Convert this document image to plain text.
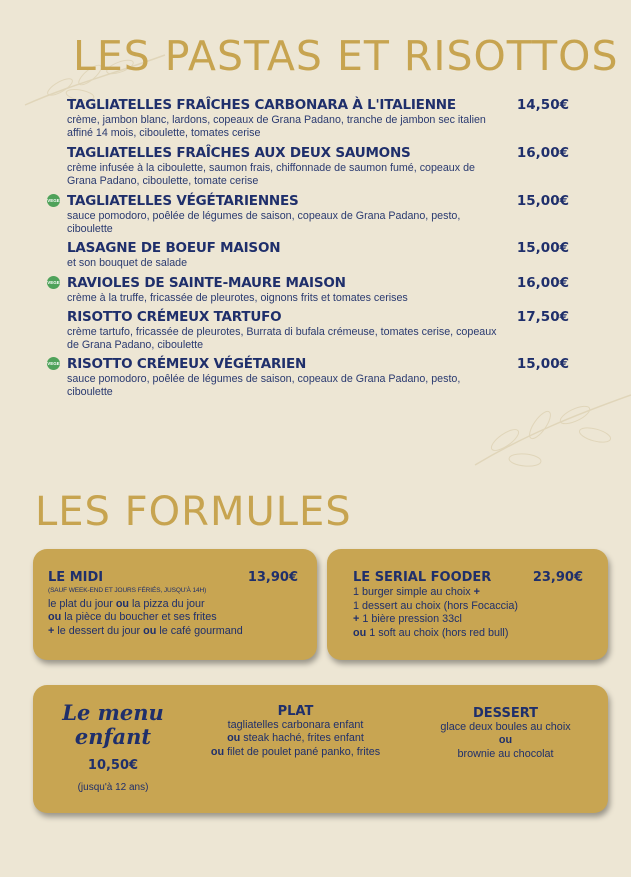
LES PASTAS ET RISOTTOS
TAGLIATELLES FRAÎCHES CARBONARA À L'ITALIENNE	14,50€
crème, jambon blanc, lardons, copeaux de Grana Padano, tranche de jambon sec italien affiné 14 mois, ciboulette, tomates cerise
TAGLIATELLES FRAÎCHES AUX DEUX SAUMONS	16,00€
crème infusée à la ciboulette, saumon frais, chiffonnade de saumon fumé, copeaux de Grana Padano, ciboulette, tomate cerise
VEGE TAGLIATELLES VÉGÉTARIENNES	15,00€
sauce pomodoro, poêlée de légumes de saison, copeaux de Grana Padano, pesto, ciboulette
LASAGNE DE BOEUF MAISON	15,00€
et son bouquet de salade
VEGE RAVIOLES DE SAINTE-MAURE MAISON	16,00€
crème à la truffe, fricassée de pleurotes, oignons frits et tomates cerises
RISOTTO CRÉMEUX TARTUFO	17,50€
crème tartufo, fricassée de pleurotes, Burrata di bufala crémeuse, tomates cerise, copeaux de Grana Padano, ciboulette
VEGE RISOTTO CRÉMEUX VÉGÉTARIEN	15,00€
sauce pomodoro, poêlée de légumes de saison, copeaux de Grana Padano, pesto, ciboulette
LES FORMULES
LE MIDI	13,90€
(SAUF WEEK-END ET JOURS FÉRIÉS, JUSQU'À 14H)
le plat du jour ou la pizza du jour
ou la pièce du boucher et ses frites
+ le dessert du jour ou le café gourmand
LE SERIAL FOODER	23,90€
1 burger simple au choix +
1 dessert au choix (hors Focaccia)
+ 1 bière pression 33cl
ou 1 soft au choix (hors red bull)
Le menu
enfant
10,50€
(jusqu'à 12 ans)
PLAT
tagliatelles carbonara enfant
ou steak haché, frites enfant
ou filet de poulet pané panko, frites
DESSERT
glace deux boules au choix
ou
brownie au chocolat
